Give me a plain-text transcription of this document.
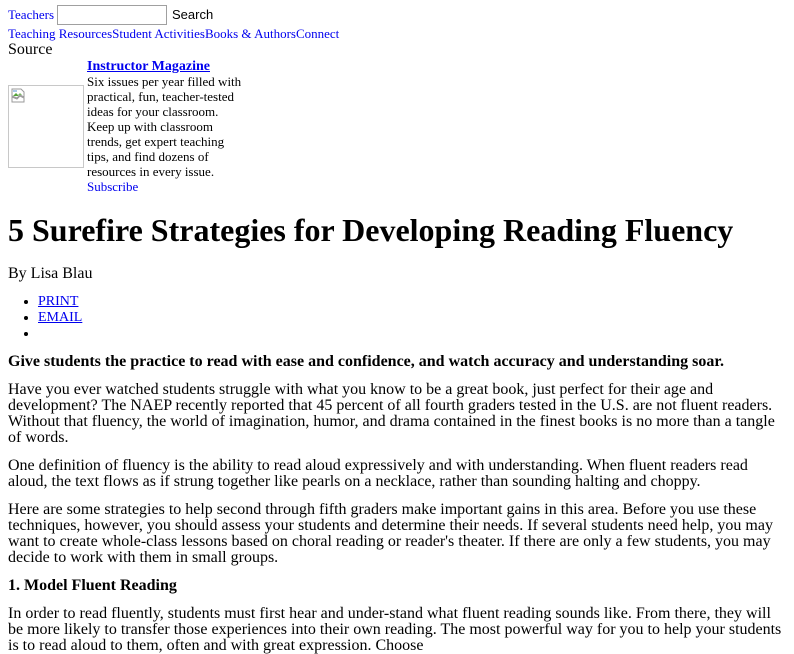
Teachers	Search
Teaching ResourcesStudent ActivitiesBooks & AuthorsConnect
Source
Instructor Magazine
Six issues per year filled with practical, fun, teacher-tested ideas for your classroom. Keep up with classroom trends, get expert teaching tips, and find dozens of resources in every issue.
Subscribe
5 Surefire Strategies for Developing Reading Fluency

By Lisa Blau

• PRINT
• EMAIL
•

Give students the practice to read with ease and confidence, and watch accuracy and understanding soar.

Have you ever watched students struggle with what you know to be a great book, just perfect for their age and development? The NAEP recently reported that 45 percent of all fourth graders tested in the U.S. are not fluent readers. Without that fluency, the world of imagination, humor, and drama contained in the finest books is no more than a tangle of words.

One definition of fluency is the ability to read aloud expressively and with understanding. When fluent readers read aloud, the text flows as if strung together like pearls on a necklace, rather than sounding halting and choppy.

Here are some strategies to help second through fifth graders make important gains in this area. Before you use these techniques, however, you should assess your students and determine their needs. If several students need help, you may want to create whole-class lessons based on choral reading or reader's theater. If there are only a few students, you may decide to work with them in small groups.

1. Model Fluent Reading

In order to read fluently, students must first hear and under-stand what fluent reading sounds like. From there, they will be more likely to transfer those experiences into their own reading. The most powerful way for you to help your students is to read aloud to them, often and with great expression. Choose
